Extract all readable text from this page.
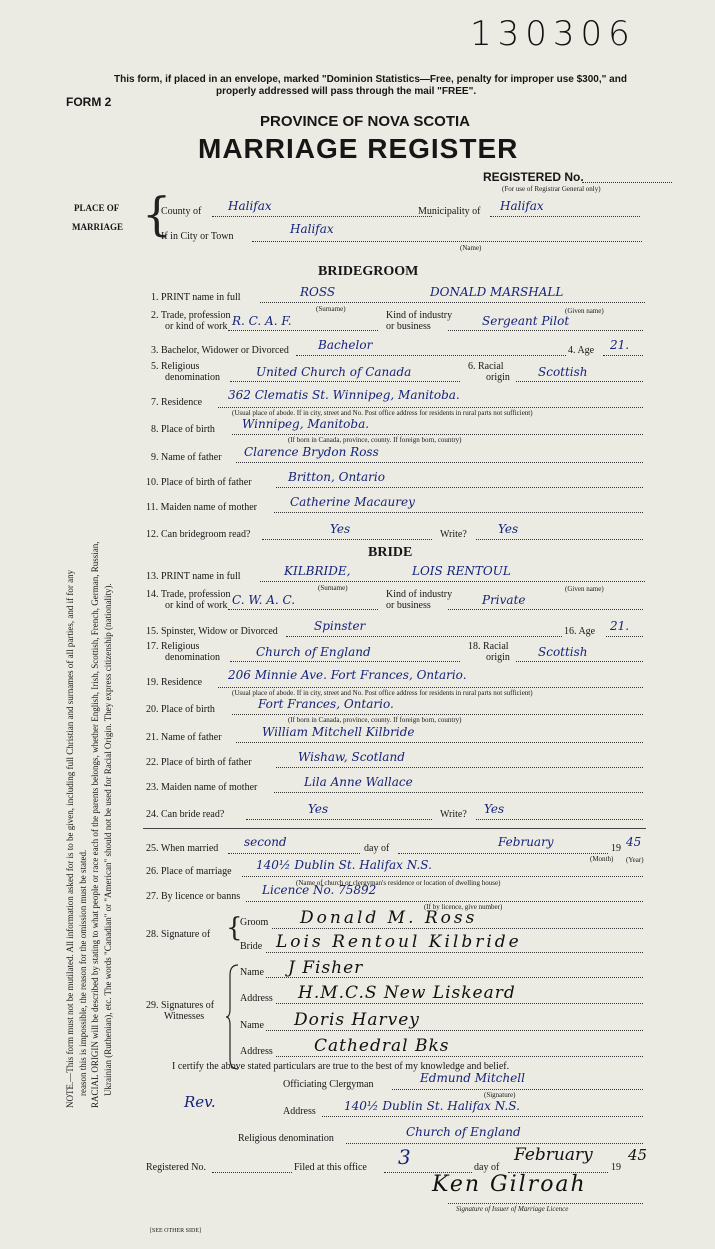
130306
This form, if placed in an envelope, marked "Dominion Statistics—Free, penalty for improper use $300," and
properly addressed will pass through the mail "FREE".
FORM 2
PROVINCE OF NOVA SCOTIA
MARRIAGE REGISTER
REGISTERED No.
(For use of Registrar General only)
PLACE OF
MARRIAGE {
County of Halifax	Municipality of Halifax
If in City or Town
Halifax
(Name)
BRIDEGROOM
1. PRINT name in full	ROSS	DONALD MARSHALL
(Surname)	(Given name)
2. Trade, profession
or kind of work R. C. A. F.	Kind of industry
or business	Sergeant Pilot
3. Bachelor, Widower or Divorced Bachelor	4. Age 21.
5. Religious
denomination	United Church of Canada	6. Racial
origin Scottish
7. Residence
362 Clematis St. Winnipeg, Manitoba.
(Usual place of abode. If in city, street and No. Post office address for residents in rural parts not sufficient)
8. Place of birth Winnipeg, Manitoba.
(If born in Canada, province, county. If foreign born, country)
9. Name of father Clarence Brydon Ross
10. Place of birth of father	Britton, Ontario
11. Maiden name of mother	Catherine Macaurey
12. Can bridegroom read?	Yes	Write?	Yes
BRIDE
13. PRINT name in full	KILBRIDE,	LOIS RENTOUL
(Surname)	(Given name)
14. Trade, profession
or kind of work C. W. A. C.	Kind of industry
or business	Private
15. Spinster, Widow or Divorced	Spinster	16. Age 21.
17. Religious
denomination	Church of England	18. Racial
origin Scottish
19. Residence
206 Minnie Ave. Fort Frances, Ontario.
(Usual place of abode. If in city, street and No. Post office address for residents in rural parts not sufficient)
20. Place of birth	Fort Frances, Ontario.
(If born in Canada, province, county. If foreign born, country)
21. Name of father	William Mitchell Kilbride
22. Place of birth of father	Wishaw, Scotland
23. Maiden name of mother	Lila Anne Wallace
24. Can bride read?	Yes	Write? Yes
25. When married second	day of	February	19 45
(Month) (Year)
26. Place of marriage 140½ Dublin St. Halifax N.S.
(Name of church or clergyman's residence or location of dwelling house)
27. By licence or banns Licence No. 75892
(If by licence, give number)
28. Signature of {
Groom Donald M. Ross
Bride Lois Rentoul Kilbride
29. Signatures of
Witnesses
Name J Fisher
Address H.M.C.S New Liskeard
Name Doris Harvey
Address Cathedral Bks
I certify the above stated particulars are true to the best of my knowledge and belief.
Officiating Clergyman	Edmund Mitchell
(Signature)
Rev.
Address 140½ Dublin St. Halifax N.S.
Religious denomination	Church of England
Registered No.	Filed at this office 3	day of
February
19
45
Ken Gilroah
Signature of Issuer of Marriage Licence
[SEE OTHER SIDE]

NOTE.—This form must not be mutilated. All information asked for is to be given, including full Christian and surnames of all parties, and if for any reason this is impossible, the reason for the omission must be stated. RACIAL ORIGIN will be described by stating to what people or race each of the parents belongs, whether English, Irish, Scottish, French, German, Russian, Ukrainian (Ruthenian), etc. The words "Canadian" or "American" should not be used for Racial Origin. They express citizenship (nationality).
